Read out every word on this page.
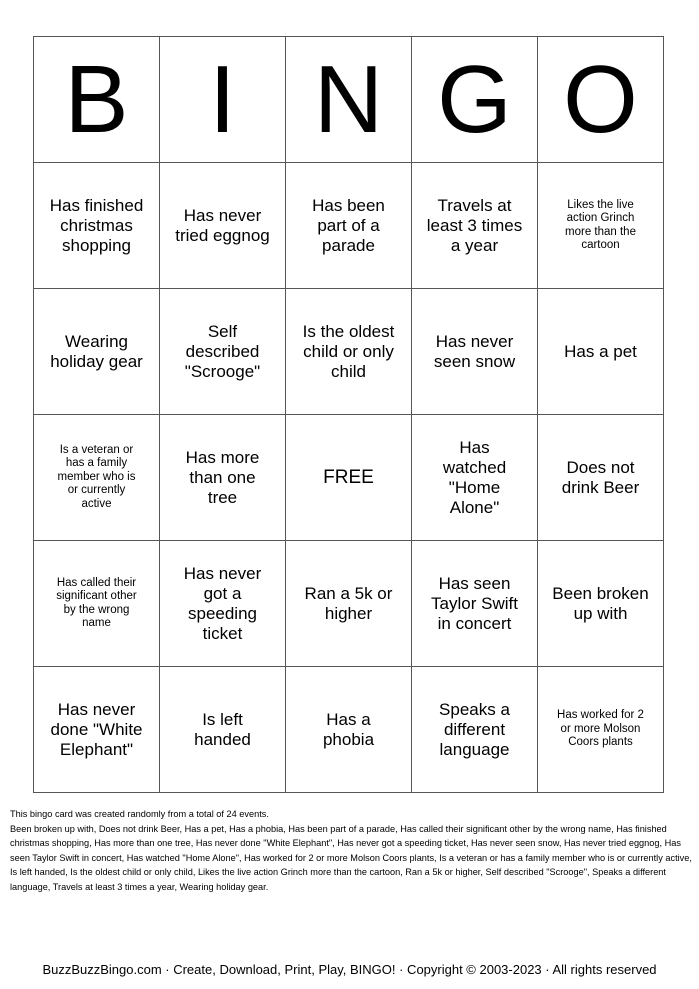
B	I	N	G	O
Has finished christmas shopping	Has never tried eggnog	Has been part of a parade	Travels at least 3 times a year	Likes the live action Grinch more than the cartoon
Wearing holiday gear	Self described "Scrooge"	Is the oldest child or only child	Has never seen snow	Has a pet
Is a veteran or has a family member who is or currently active	Has more than one tree	FREE	Has watched "Home Alone"	Does not drink Beer
Has called their significant other by the wrong name	Has never got a speeding ticket	Ran a 5k or higher	Has seen Taylor Swift in concert	Been broken up with
Has never done "White Elephant"	Is left handed	Has a phobia	Speaks a different language	Has worked for 2 or more Molson Coors plants
This bingo card was created randomly from a total of 24 events.
Been broken up with, Does not drink Beer, Has a pet, Has a phobia, Has been part of a parade, Has called their significant other by the wrong name, Has finished christmas shopping, Has more than one tree, Has never done "White Elephant", Has never got a speeding ticket, Has never seen snow, Has never tried eggnog, Has seen Taylor Swift in concert, Has watched "Home Alone", Has worked for 2 or more Molson Coors plants, Is a veteran or has a family member who is or currently active, Is left handed, Is the oldest child or only child, Likes the live action Grinch more than the cartoon, Ran a 5k or higher, Self described "Scrooge", Speaks a different language, Travels at least 3 times a year, Wearing holiday gear.
BuzzBuzzBingo.com · Create, Download, Print, Play, BINGO! · Copyright © 2003-2023 · All rights reserved
